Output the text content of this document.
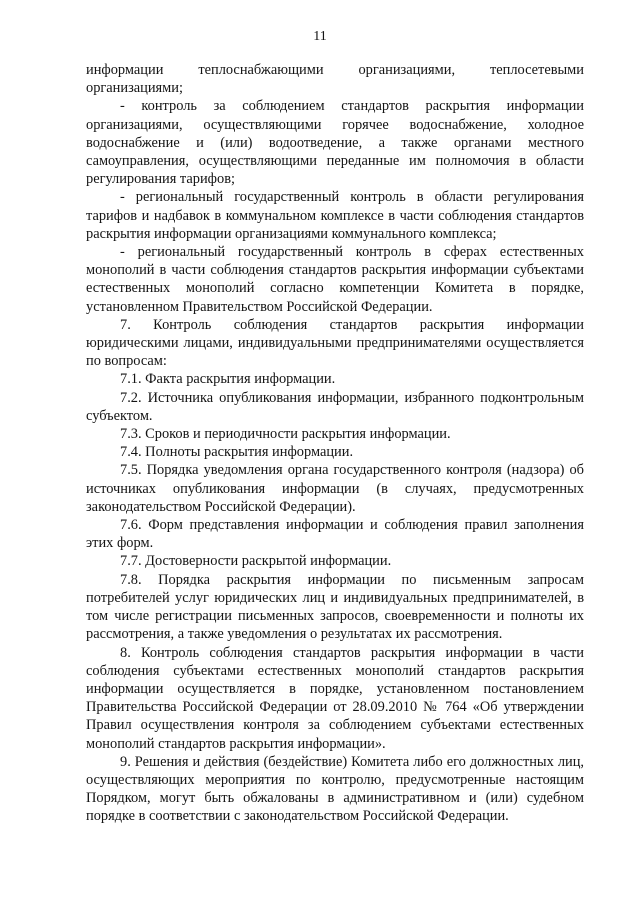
11

информации теплоснабжающими организациями, теплосетевыми организациями;

- контроль за соблюдением стандартов раскрытия информации организациями, осуществляющими горячее водоснабжение, холодное водоснабжение и (или) водоотведение, а также органами местного самоуправления, осуществляющими переданные им полномочия в области регулирования тарифов;

- региональный государственный контроль в области регулирования тарифов и надбавок в коммунальном комплексе в части соблюдения стандартов раскрытия информации организациями коммунального комплекса;

- региональный государственный контроль в сферах естественных монополий в части соблюдения стандартов раскрытия информации субъектами естественных монополий согласно компетенции Комитета в порядке, установленном Правительством Российской Федерации.

7. Контроль соблюдения стандартов раскрытия информации юридическими лицами, индивидуальными предпринимателями осуществляется по вопросам:

7.1. Факта раскрытия информации.

7.2. Источника опубликования информации, избранного подконтрольным субъектом.

7.3. Сроков и периодичности раскрытия информации.

7.4. Полноты раскрытия информации.

7.5. Порядка уведомления органа государственного контроля (надзора) об источниках опубликования информации (в случаях, предусмотренных законодательством Российской Федерации).

7.6. Форм представления информации и соблюдения правил заполнения этих форм.

7.7. Достоверности раскрытой информации.

7.8. Порядка раскрытия информации по письменным запросам потребителей услуг юридических лиц и индивидуальных предпринимателей, в том числе регистрации письменных запросов, своевременности и полноты их рассмотрения, а также уведомления о результатах их рассмотрения.

8. Контроль соблюдения стандартов раскрытия информации в части соблюдения субъектами естественных монополий стандартов раскрытия информации осуществляется в порядке, установленном постановлением Правительства Российской Федерации от 28.09.2010 № 764 «Об утверждении Правил осуществления контроля за соблюдением субъектами естественных монополий стандартов раскрытия информации».

9. Решения и действия (бездействие) Комитета либо его должностных лиц, осуществляющих мероприятия по контролю, предусмотренные настоящим Порядком, могут быть обжалованы в административном и (или) судебном порядке в соответствии с законодательством Российской Федерации.
